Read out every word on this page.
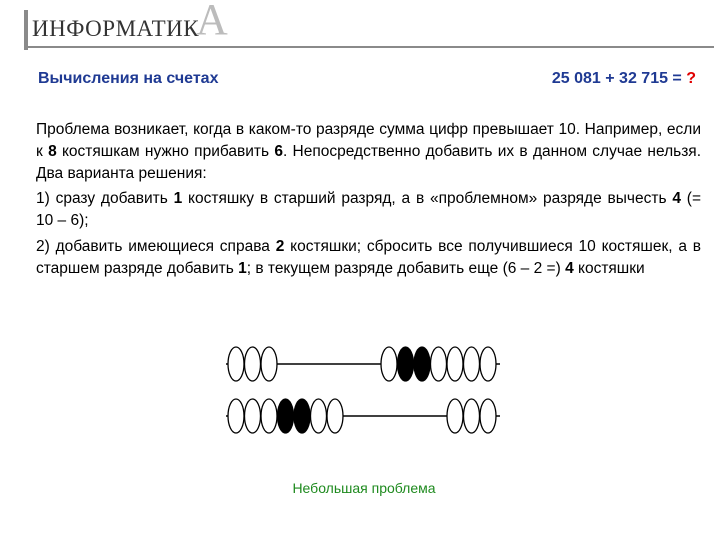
ИНФОРМАТИК
А
Вычисления на счетах	25 081 + 32 715 = ?
Проблема возникает, когда в каком-то разряде сумма цифр превышает 10. Например, если к 8 костяшкам нужно прибавить 6. Непосредственно добавить их в данном случае нельзя. Два варианта решения:
1) сразу добавить 1 костяшку в старший разряд, а в «проблемном» разряде вычесть 4 (= 10 – 6);
2) добавить имеющиеся справа 2 костяшки; сбросить все получившиеся 10 костяшек, а в старшем разряде добавить 1; в текущем разряде добавить еще (6 – 2 =) 4 костяшки
Небольшая проблема
